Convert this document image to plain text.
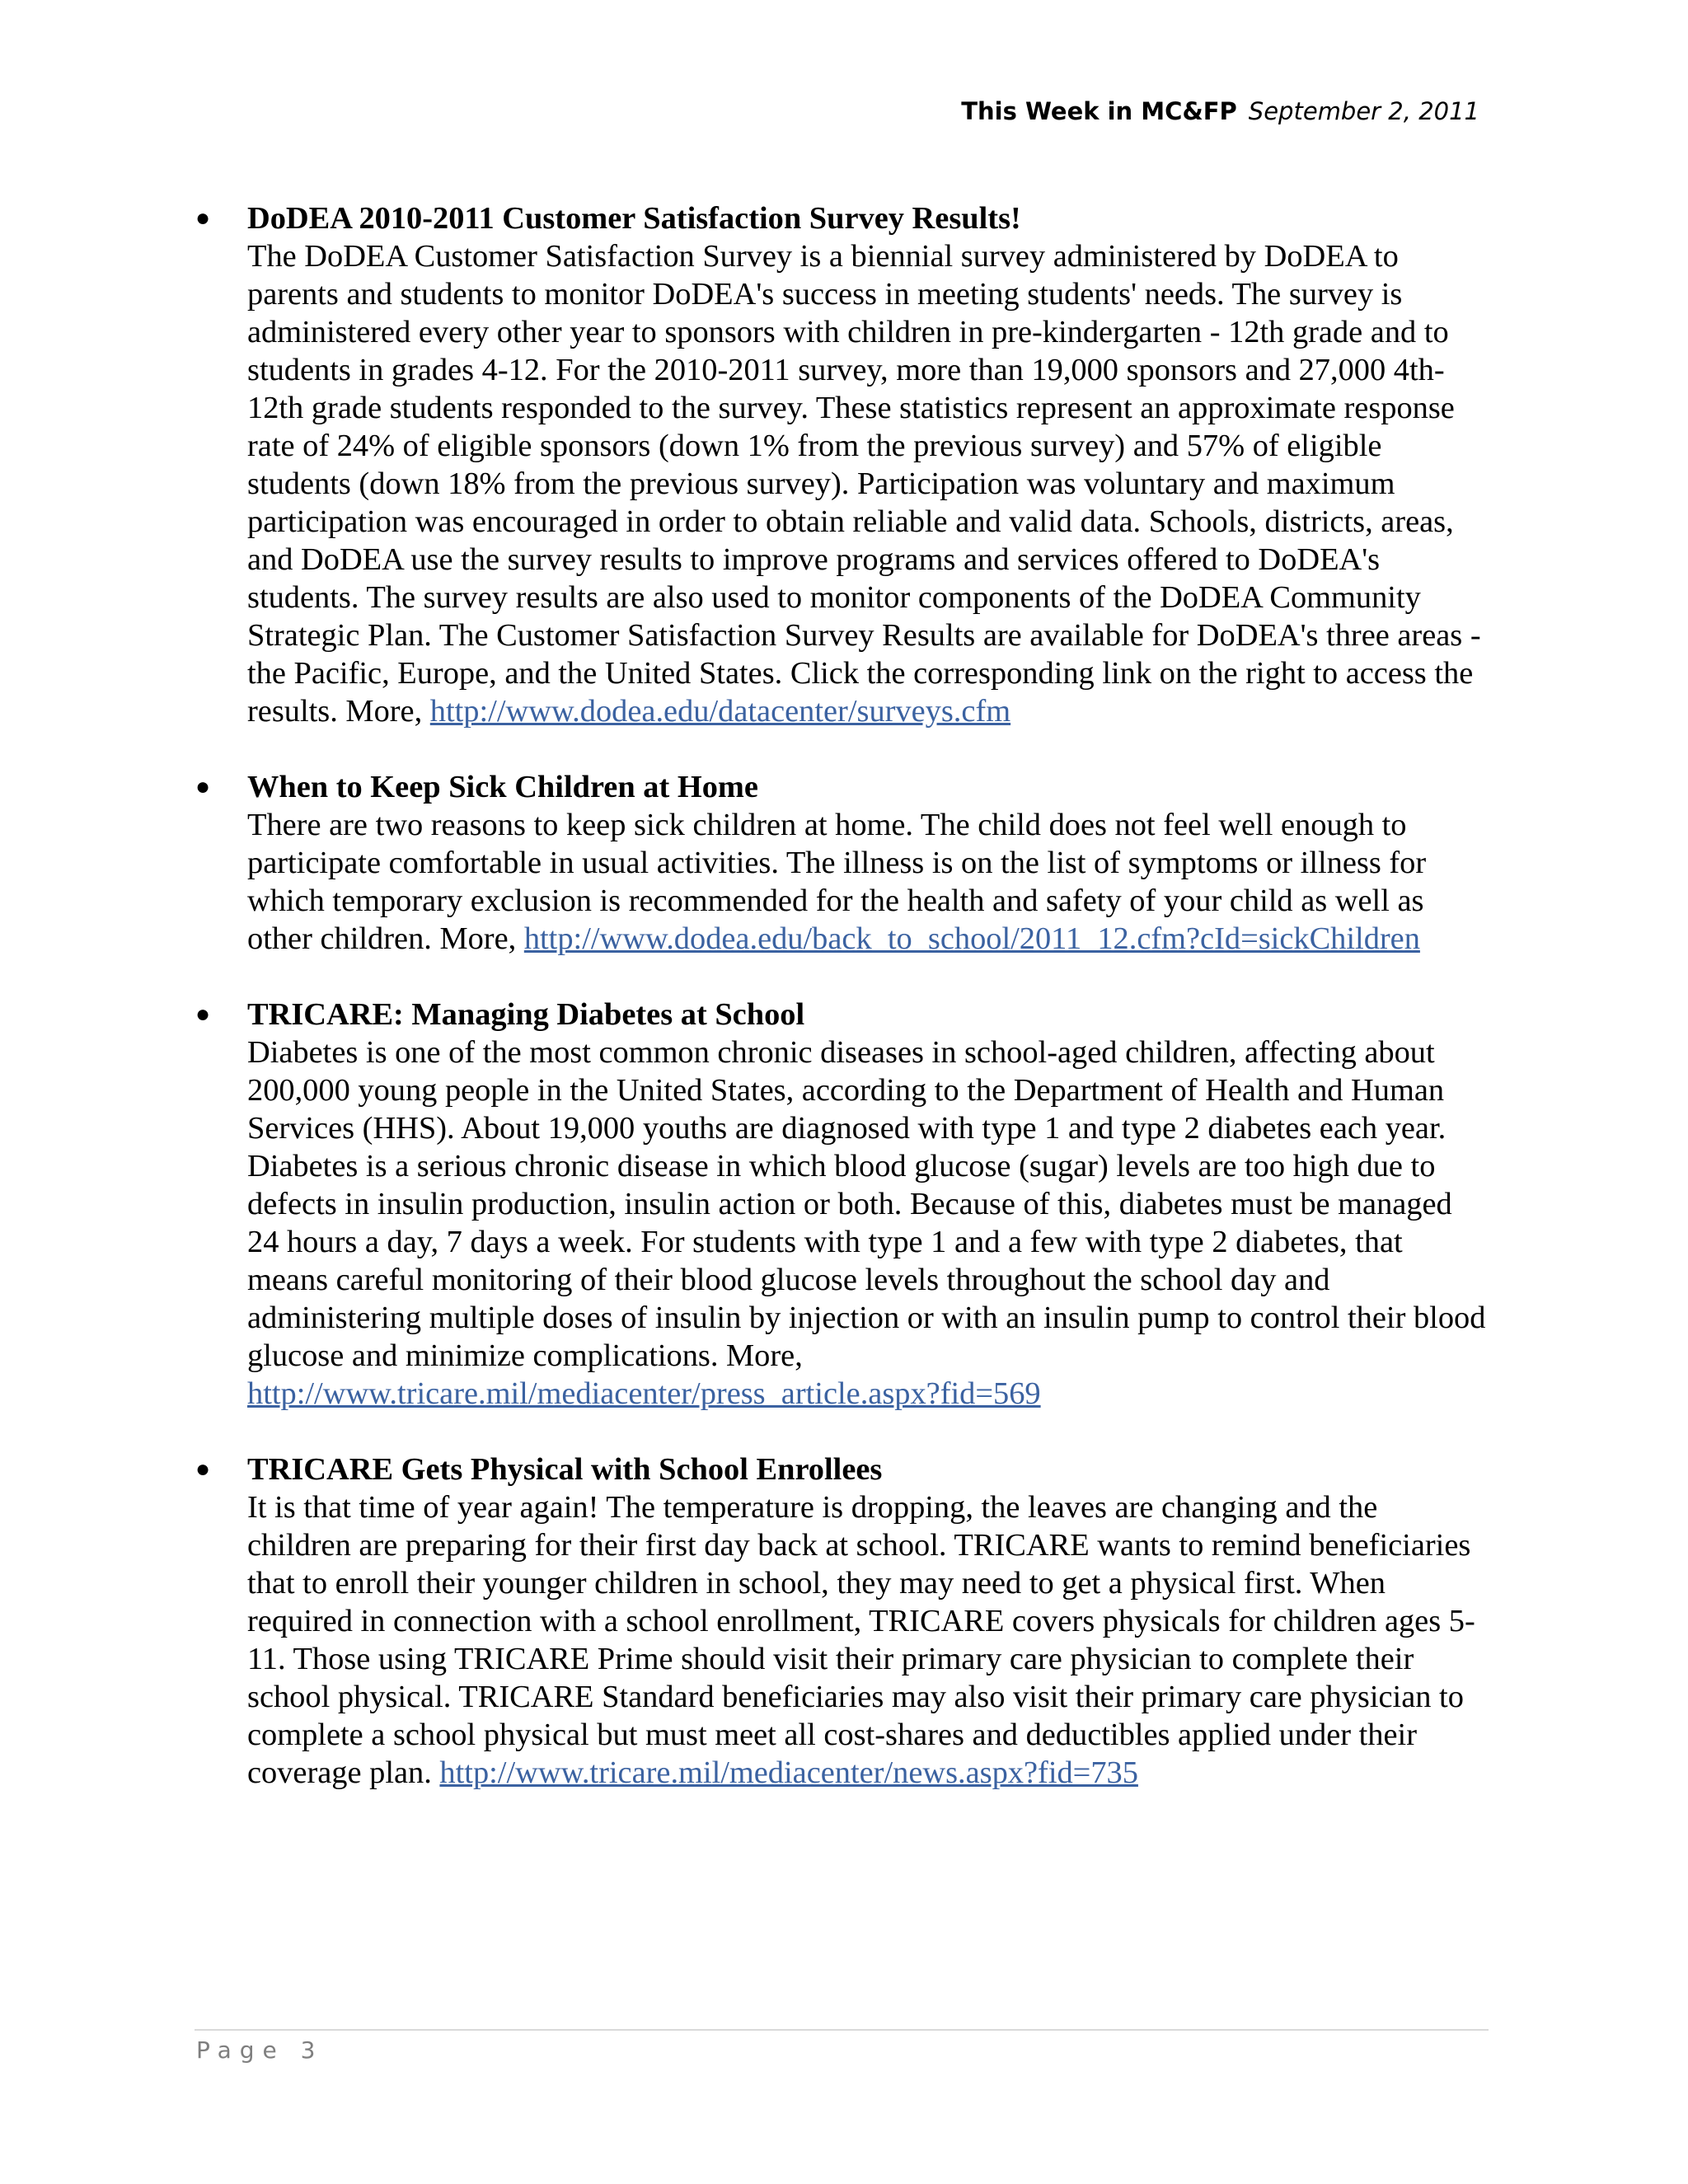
This Week in MC&FP September 2, 2011
● DoDEA 2010-2011 Customer Satisfaction Survey Results!
The DoDEA Customer Satisfaction Survey is a biennial survey administered by DoDEA to parents and students to monitor DoDEA's success in meeting students' needs. The survey is administered every other year to sponsors with children in pre-kindergarten - 12th grade and to students in grades 4-12. For the 2010-2011 survey, more than 19,000 sponsors and 27,000 4th-12th grade students responded to the survey. These statistics represent an approximate response rate of 24% of eligible sponsors (down 1% from the previous survey) and 57% of eligible students (down 18% from the previous survey). Participation was voluntary and maximum participation was encouraged in order to obtain reliable and valid data. Schools, districts, areas, and DoDEA use the survey results to improve programs and services offered to DoDEA's students. The survey results are also used to monitor components of the DoDEA Community Strategic Plan. The Customer Satisfaction Survey Results are available for DoDEA's three areas - the Pacific, Europe, and the United States. Click the corresponding link on the right to access the results. More, http://www.dodea.edu/datacenter/surveys.cfm
● When to Keep Sick Children at Home
There are two reasons to keep sick children at home. The child does not feel well enough to participate comfortable in usual activities. The illness is on the list of symptoms or illness for which temporary exclusion is recommended for the health and safety of your child as well as other children. More, http://www.dodea.edu/back_to_school/2011_12.cfm?cId=sickChildren
● TRICARE: Managing Diabetes at School
Diabetes is one of the most common chronic diseases in school-aged children, affecting about 200,000 young people in the United States, according to the Department of Health and Human Services (HHS). About 19,000 youths are diagnosed with type 1 and type 2 diabetes each year. Diabetes is a serious chronic disease in which blood glucose (sugar) levels are too high due to defects in insulin production, insulin action or both. Because of this, diabetes must be managed 24 hours a day, 7 days a week. For students with type 1 and a few with type 2 diabetes, that means careful monitoring of their blood glucose levels throughout the school day and administering multiple doses of insulin by injection or with an insulin pump to control their blood glucose and minimize complications. More, http://www.tricare.mil/mediacenter/press_article.aspx?fid=569
● TRICARE Gets Physical with School Enrollees
It is that time of year again! The temperature is dropping, the leaves are changing and the children are preparing for their first day back at school. TRICARE wants to remind beneficiaries that to enroll their younger children in school, they may need to get a physical first. When required in connection with a school enrollment, TRICARE covers physicals for children ages 5-11. Those using TRICARE Prime should visit their primary care physician to complete their school physical. TRICARE Standard beneficiaries may also visit their primary care physician to complete a school physical but must meet all cost-shares and deductibles applied under their coverage plan. http://www.tricare.mil/mediacenter/news.aspx?fid=735
Page 3
